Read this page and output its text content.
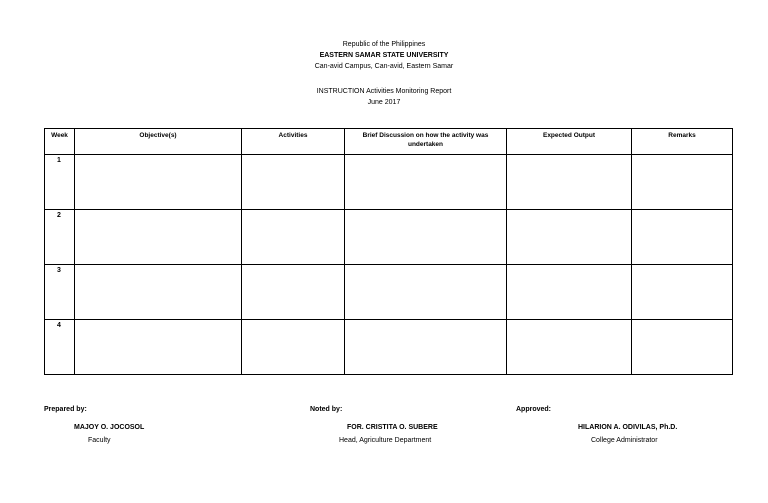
Republic of the Philippines
EASTERN SAMAR STATE UNIVERSITY
Can-avid Campus, Can-avid, Eastern Samar
INSTRUCTION Activities Monitoring Report
June 2017
Week	Objective(s)	Activities	Brief Discussion on how the activity was undertaken	Expected Output	Remarks
1					
2					
3					
4					
Prepared by:
MAJOY O. JOCOSOL
Faculty
Noted by:
FOR. CRISTITA O. SUBERE
Head, Agriculture Department
Approved:
HILARION A. ODIVILAS, Ph.D.
College Administrator
